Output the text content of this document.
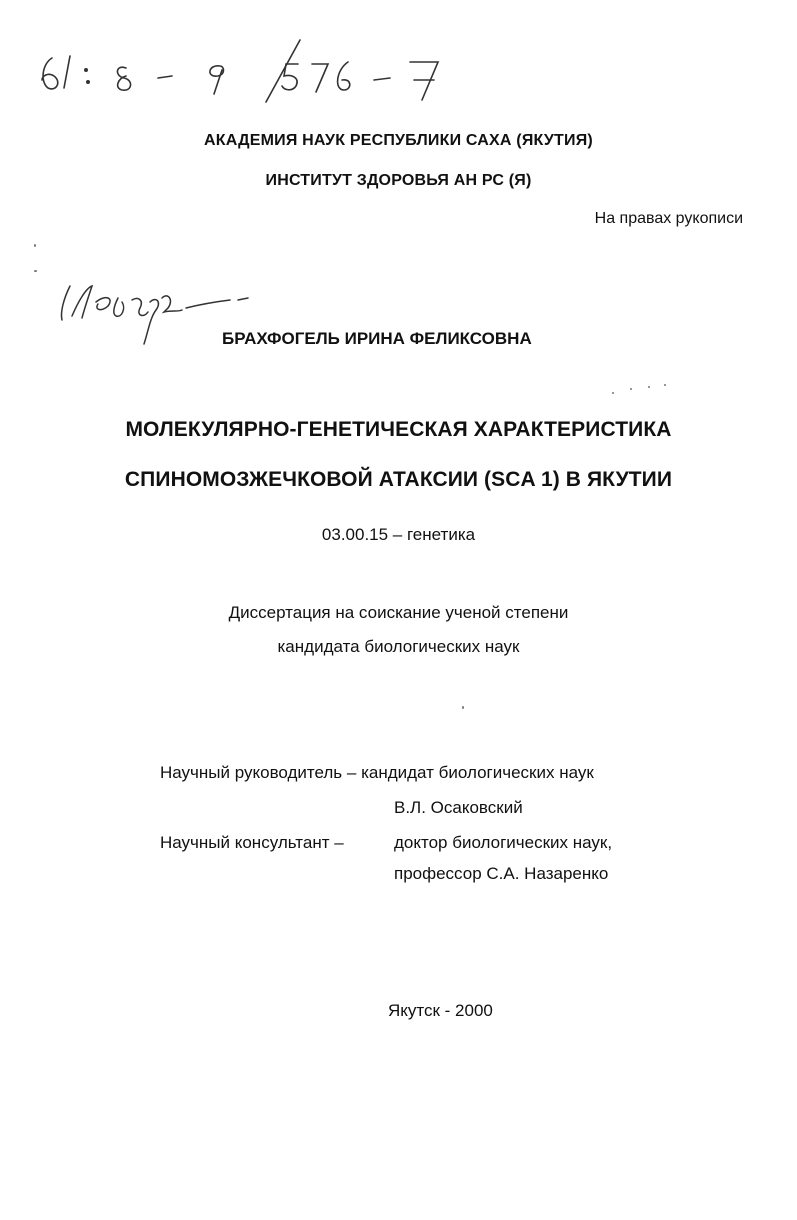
АКАДЕМИЯ НАУК РЕСПУБЛИКИ САХА (ЯКУТИЯ)
ИНСТИТУТ ЗДОРОВЬЯ АН РС (Я)
На правах рукописи
БРАХФОГЕЛЬ ИРИНА ФЕЛИКСОВНА
МОЛЕКУЛЯРНО-ГЕНЕТИЧЕСКАЯ ХАРАКТЕРИСТИКА
СПИНОМОЗЖЕЧКОВОЙ АТАКСИИ (SCA 1) В ЯКУТИИ
03.00.15 – генетика
Диссертация на соискание ученой степени
кандидата биологических наук
Научный руководитель – кандидат биологических наук
В.Л. Осаковский
Научный консультант –	доктор биологических наук,
профессор С.А. Назаренко
Якутск - 2000
